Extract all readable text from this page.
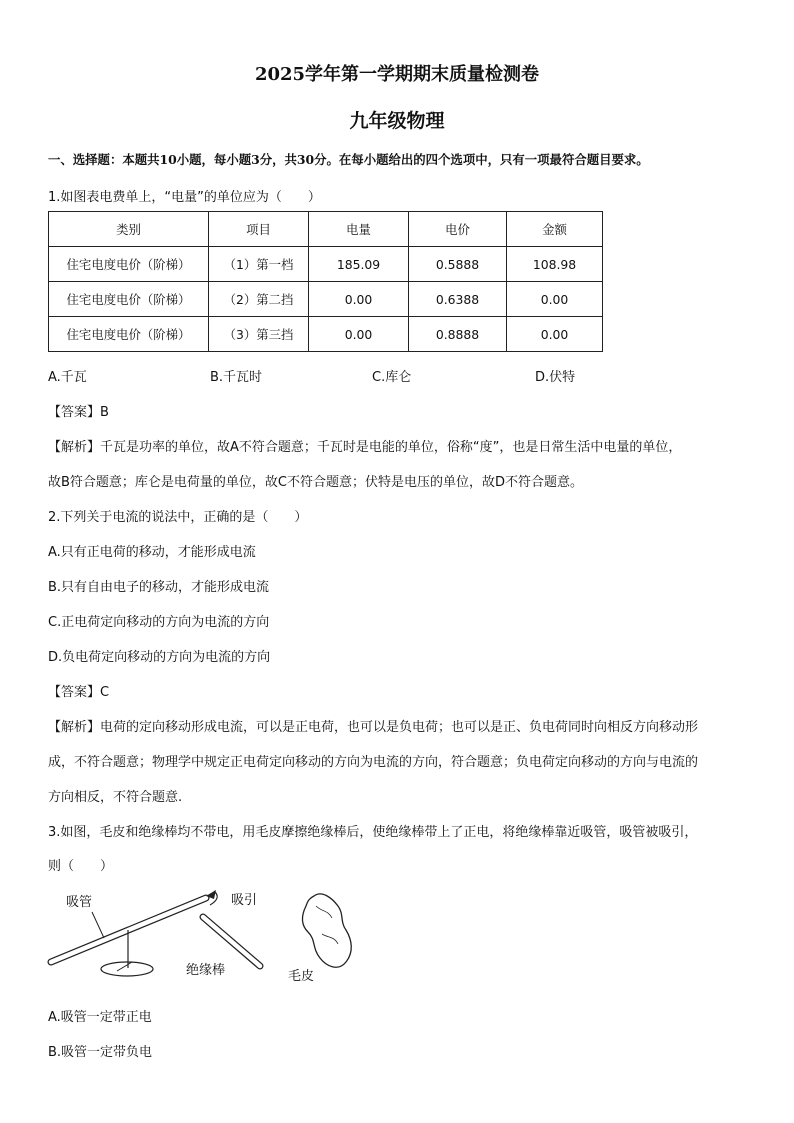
2025学年第一学期期末质量检测卷
九年级物理
一、选择题：本题共10小题，每小题3分，共30分。在每小题给出的四个选项中，只有一项最符合题目要求。
1.如图表电费单上，“电量”的单位应为（　　）
类别	项目	电量	电价	金额
住宅电度电价（阶梯）	（1）第一档	185.09	0.5888	108.98
住宅电度电价（阶梯）	（2）第二挡	0.00	0.6388	0.00
住宅电度电价（阶梯）	（3）第三挡	0.00	0.8888	0.00
A.千瓦	B.千瓦时	C.库仑	D.伏特
【答案】B
【解析】千瓦是功率的单位，故A不符合题意；千瓦时是电能的单位，俗称“度”，也是日常生活中电量的单位，
故B符合题意；库仑是电荷量的单位，故C不符合题意；伏特是电压的单位，故D不符合题意。
2.下列关于电流的说法中，正确的是（　　）
A.只有正电荷的移动，才能形成电流
B.只有自由电子的移动，才能形成电流
C.正电荷定向移动的方向为电流的方向
D.负电荷定向移动的方向为电流的方向
【答案】C
【解析】电荷的定向移动形成电流，可以是正电荷，也可以是负电荷；也可以是正、负电荷同时向相反方向移动形
成，不符合题意；物理学中规定正电荷定向移动的方向为电流的方向，符合题意；负电荷定向移动的方向与电流的
方向相反，不符合题意.
3.如图，毛皮和绝缘棒均不带电，用毛皮摩擦绝缘棒后，使绝缘棒带上了正电，将绝缘棒靠近吸管，吸管被吸引，
则（　　）
吸管	吸引
绝缘棒	毛皮
A.吸管一定带正电
B.吸管一定带负电
